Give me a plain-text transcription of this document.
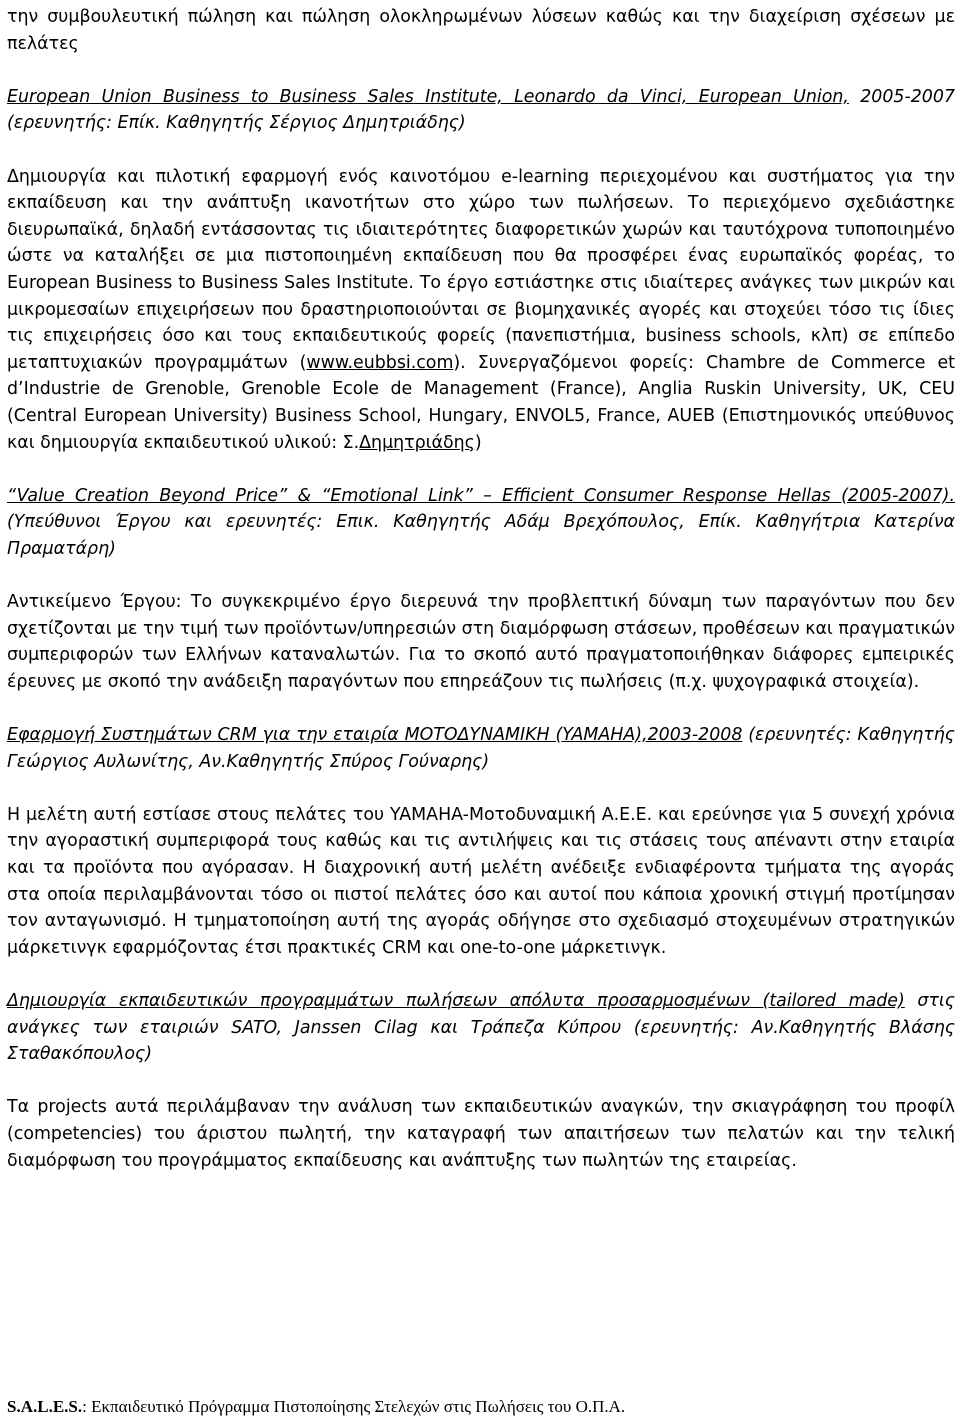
την συμβουλευτική πώληση και πώληση ολοκληρωμένων λύσεων καθώς και την διαχείριση σχέσεων με πελάτες

European Union Business to Business Sales Institute, Leonardo da Vinci, European Union, 2005-2007 (ερευνητής: Επίκ. Καθηγητής Σέργιος Δημητριάδης)

Δημιουργία και πιλοτική εφαρμογή ενός καινοτόμου e-learning περιεχομένου και συστήματος για την εκπαίδευση και την ανάπτυξη ικανοτήτων στο χώρο των πωλήσεων. Το περιεχόμενο σχεδιάστηκε διευρωπαϊκά, δηλαδή εντάσσοντας τις ιδιαιτερότητες διαφορετικών χωρών και ταυτόχρονα τυποποιημένο ώστε να καταλήξει σε μια πιστοποιημένη εκπαίδευση που θα προσφέρει ένας ευρωπαϊκός φορέας, το European Business to Business Sales Institute. Το έργο εστιάστηκε στις ιδιαίτερες ανάγκες των μικρών και μικρομεσαίων επιχειρήσεων που δραστηριοποιούνται σε βιομηχανικές αγορές και στοχεύει τόσο τις ίδιες τις επιχειρήσεις όσο και τους εκπαιδευτικούς φορείς (πανεπιστήμια, business schools, κλπ) σε επίπεδο μεταπτυχιακών προγραμμάτων (www.eubbsi.com). Συνεργαζόμενοι φορείς: Chambre de Commerce et d’Industrie de Grenoble, Grenoble Ecole de Management (France), Anglia Ruskin University, UK, CEU (Central European University) Business School, Hungary, ENVOL5, France, AUEB (Επιστημονικός υπεύθυνος και δημιουργία εκπαιδευτικού υλικού: Σ.Δημητριάδης)

“Value Creation Beyond Price” & “Emotional Link” – Efficient Consumer Response Hellas (2005-2007). (Υπεύθυνοι Έργου και ερευνητές: Επικ. Καθηγητής Αδάμ Βρεχόπουλος, Επίκ. Καθηγήτρια Κατερίνα Πραματάρη)

Αντικείμενο Έργου: Το συγκεκριμένο έργο διερευνά την προβλεπτική δύναμη των παραγόντων που δεν σχετίζονται με την τιμή των προϊόντων/υπηρεσιών στη διαμόρφωση στάσεων, προθέσεων και πραγματικών συμπεριφορών των Ελλήνων καταναλωτών. Για το σκοπό αυτό πραγματοποιήθηκαν διάφορες εμπειρικές έρευνες με σκοπό την ανάδειξη παραγόντων που επηρεάζουν τις πωλήσεις (π.χ. ψυχογραφικά στοιχεία).

Εφαρμογή Συστημάτων CRM για την εταιρία ΜΟΤΟΔΥΝΑΜΙΚΗ (YAMAHA),2003-2008 (ερευνητές: Καθηγητής Γεώργιος Αυλωνίτης, Αν.Καθηγητής Σπύρος Γούναρης)

Η μελέτη αυτή εστίασε στους πελάτες του YAMAHA-Μοτοδυναμική Α.Ε.Ε. και ερεύνησε για 5 συνεχή χρόνια την αγοραστική συμπεριφορά τους καθώς και τις αντιλήψεις και τις στάσεις τους απέναντι στην εταιρία και τα προϊόντα που αγόρασαν. Η διαχρονική αυτή μελέτη ανέδειξε ενδιαφέροντα τμήματα της αγοράς στα οποία περιλαμβάνονται τόσο οι πιστοί πελάτες όσο και αυτοί που κάποια χρονική στιγμή προτίμησαν τον ανταγωνισμό. Η τμηματοποίηση αυτή της αγοράς οδήγησε στο σχεδιασμό στοχευμένων στρατηγικών μάρκετινγκ εφαρμόζοντας έτσι πρακτικές CRM και one-to-one μάρκετινγκ.

Δημιουργία εκπαιδευτικών προγραμμάτων πωλήσεων απόλυτα προσαρμοσμένων (tailored made) στις ανάγκες των εταιριών SATO, Janssen Cilag και Τράπεζα Κύπρου (ερευνητής: Αν.Καθηγητής Βλάσης Σταθακόπουλος)

Τα projects αυτά περιλάμβαναν την ανάλυση των εκπαιδευτικών αναγκών, την σκιαγράφηση του προφίλ (competencies) του άριστου πωλητή, την καταγραφή των απαιτήσεων των πελατών και την τελική διαμόρφωση του προγράμματος εκπαίδευσης και ανάπτυξης των πωλητών της εταιρείας.

S.A.L.E.S.: Εκπαιδευτικό Πρόγραμμα Πιστοποίησης Στελεχών στις Πωλήσεις του Ο.Π.Α.
